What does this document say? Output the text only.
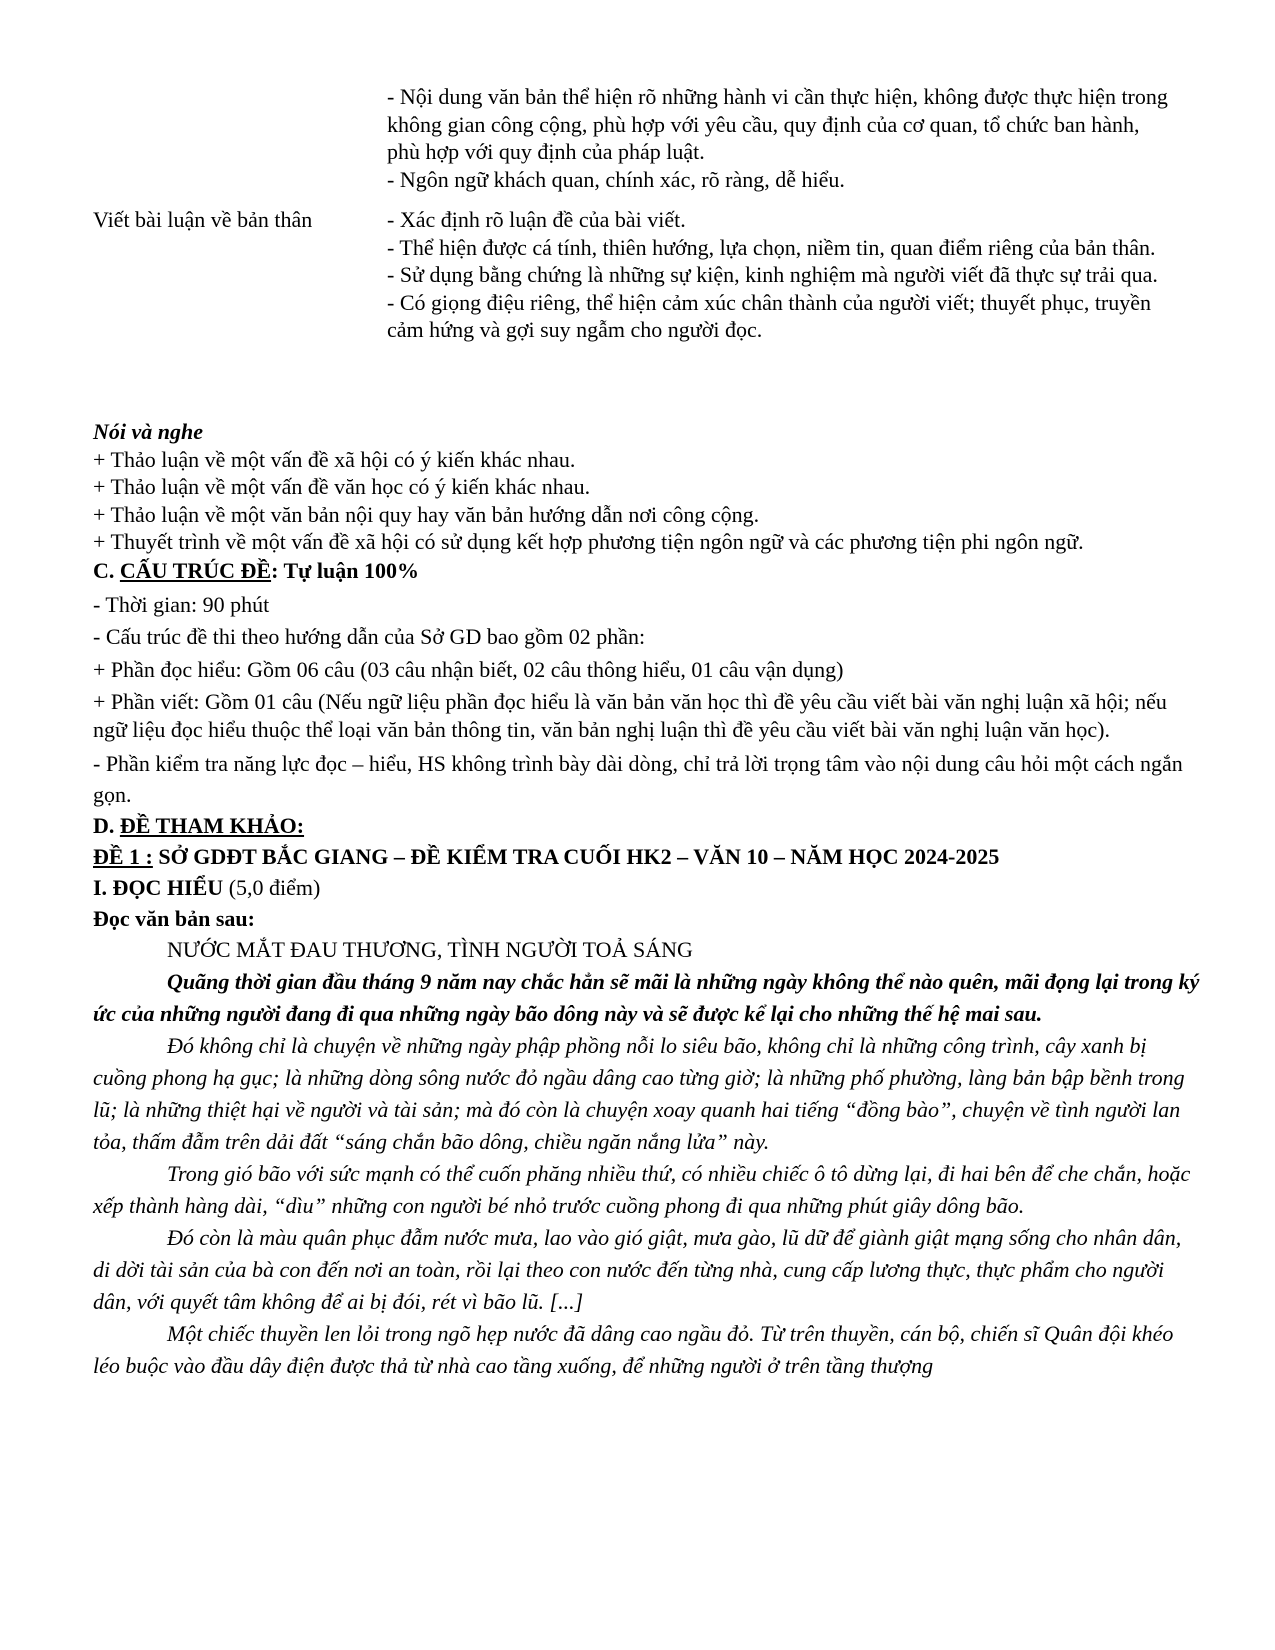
- Nội dung văn bản thể hiện rõ những hành vi cần thực hiện, không được thực hiện trong không gian công cộng, phù hợp với yêu cầu, quy định của cơ quan, tổ chức ban hành, phù hợp với quy định của pháp luật.
- Ngôn ngữ khách quan, chính xác, rõ ràng, dễ hiểu.
Viết bài luận về bản thân	- Xác định rõ luận đề của bài viết.
- Thể hiện được cá tính, thiên hướng, lựa chọn, niềm tin, quan điểm riêng của bản thân.
- Sử dụng bằng chứng là những sự kiện, kinh nghiệm mà người viết đã thực sự trải qua.
- Có giọng điệu riêng, thể hiện cảm xúc chân thành của người viết; thuyết phục, truyền cảm hứng và gợi suy ngẫm cho người đọc.

Nói và nghe

+ Thảo luận về một vấn đề xã hội có ý kiến khác nhau.

+ Thảo luận về một vấn đề văn học có ý kiến khác nhau.

+ Thảo luận về một văn bản nội quy hay văn bản hướng dẫn nơi công cộng.

+ Thuyết trình về một vấn đề xã hội có sử dụng kết hợp phương tiện ngôn ngữ và các phương tiện phi ngôn ngữ.

C. CẤU TRÚC ĐỀ: Tự luận 100%

- Thời gian: 90 phút

- Cấu trúc đề thi theo hướng dẫn của Sở GD bao gồm 02 phần:

+ Phần đọc hiểu: Gồm 06 câu (03 câu nhận biết, 02 câu thông hiểu, 01 câu vận dụng)

+ Phần viết: Gồm 01 câu (Nếu ngữ liệu phần đọc hiểu là văn bản văn học thì đề yêu cầu viết bài văn nghị luận xã hội; nếu ngữ liệu đọc hiểu thuộc thể loại văn bản thông tin, văn bản nghị luận thì đề yêu cầu viết bài văn nghị luận văn học).

- Phần kiểm tra năng lực đọc – hiểu, HS không trình bày dài dòng, chỉ trả lời trọng tâm vào nội dung câu hỏi một cách ngắn gọn.

D. ĐỀ THAM KHẢO:

ĐỀ 1 : SỞ GDĐT BẮC GIANG – ĐỀ KIỂM TRA CUỐI HK2 – VĂN 10 – NĂM HỌC 2024-2025

I. ĐỌC HIỂU (5,0 điểm)

Đọc văn bản sau:

NƯỚC MẮT ĐAU THƯƠNG, TÌNH NGƯỜI TOẢ SÁNG

Quãng thời gian đầu tháng 9 năm nay chắc hẳn sẽ mãi là những ngày không thể nào quên, mãi đọng lại trong ký ức của những người đang đi qua những ngày bão dông này và sẽ được kể lại cho những thế hệ mai sau.

Đó không chỉ là chuyện về những ngày phập phồng nỗi lo siêu bão, không chỉ là những công trình, cây xanh bị cuồng phong hạ gục; là những dòng sông nước đỏ ngầu dâng cao từng giờ; là những phố phường, làng bản bập bềnh trong lũ; là những thiệt hại về người và tài sản; mà đó còn là chuyện xoay quanh hai tiếng “đồng bào”, chuyện về tình người lan tỏa, thấm đẫm trên dải đất “sáng chắn bão dông, chiều ngăn nắng lửa” này.

Trong gió bão với sức mạnh có thể cuốn phăng nhiều thứ, có nhiều chiếc ô tô dừng lại, đi hai bên để che chắn, hoặc xếp thành hàng dài, “dìu” những con người bé nhỏ trước cuồng phong đi qua những phút giây dông bão.

Đó còn là màu quân phục đẫm nước mưa, lao vào gió giật, mưa gào, lũ dữ để giành giật mạng sống cho nhân dân, di dời tài sản của bà con đến nơi an toàn, rồi lại theo con nước đến từng nhà, cung cấp lương thực, thực phẩm cho người dân, với quyết tâm không để ai bị đói, rét vì bão lũ. [...]

Một chiếc thuyền len lỏi trong ngõ hẹp nước đã dâng cao ngầu đỏ. Từ trên thuyền, cán bộ, chiến sĩ Quân đội khéo léo buộc vào đầu dây điện được thả từ nhà cao tầng xuống, để những người ở trên tầng thượng
